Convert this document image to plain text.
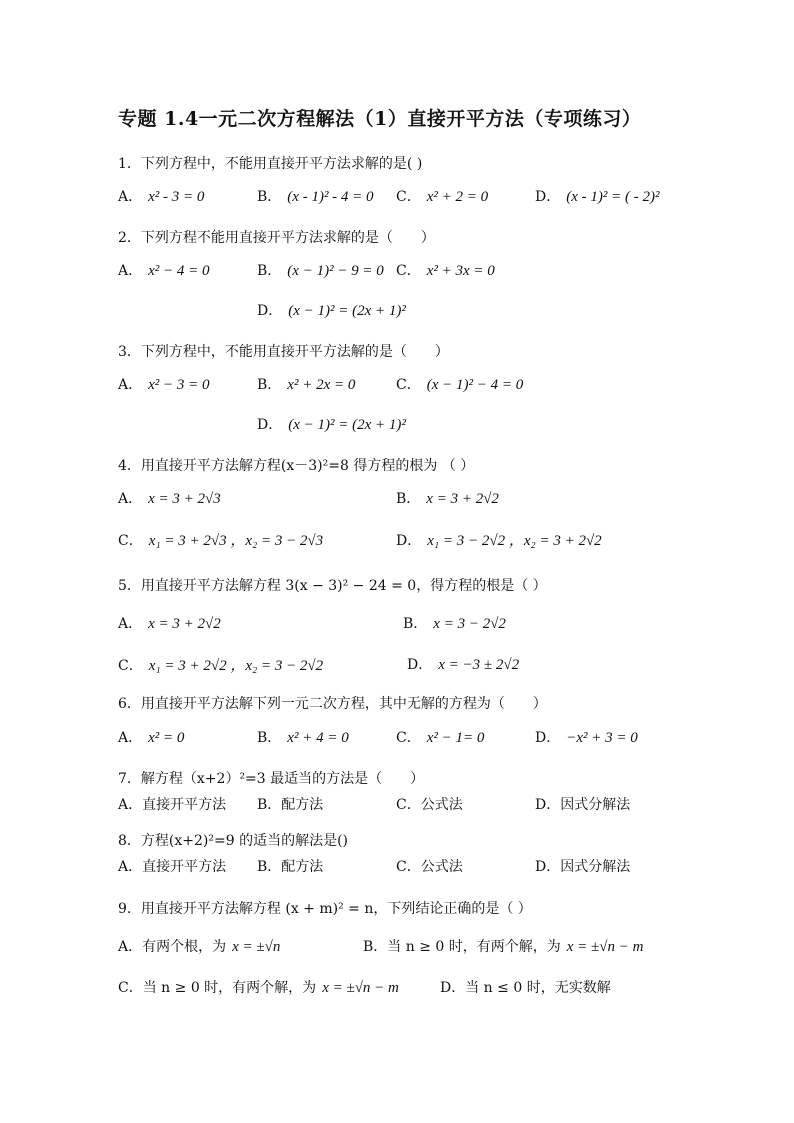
专题 1.4一元二次方程解法（1）直接开平方法（专项练习）
1．下列方程中，不能用直接开平方法求解的是( )
A． x² - 3 = 0	B． (x - 1)² - 4 = 0 C． x² + 2 = 0	D． (x - 1)² = ( - 2)²
2．下列方程不能用直接开平方法求解的是（　　）
A． x² − 4 = 0	B． (x − 1)² − 9 = 0 C． x² + 3x = 0
D． (x − 1)² = (2x + 1)²
3．下列方程中，不能用直接开平方法解的是（　　）
A． x² − 3 = 0	B． x² + 2x = 0	C． (x − 1)² − 4 = 0
D． (x − 1)² = (2x + 1)²
4．用直接开平方法解方程(x－3)²=8 得方程的根为 （ ）
A． x = 3 + 2√3	B． x = 3 + 2√2
C． x₁ = 3 + 2√3 ，x₂ = 3 − 2√3	D． x₁ = 3 − 2√2 ，x₂ = 3 + 2√2
5．用直接开平方法解方程 3(x − 3)² − 24 = 0，得方程的根是（ ）
A． x = 3 + 2√2	B． x = 3 − 2√2
C． x₁ = 3 + 2√2 ，x₂ = 3 − 2√2	D． x = −3 ± 2√2
6．用直接开平方法解下列一元二次方程，其中无解的方程为（　　）
A． x² = 0	B． x² + 4 = 0	C． x² − 1= 0	D． −x² + 3 = 0
7．解方程（x+2）²=3 最适当的方法是（　　）
A．直接开平方法 B．配方法	C．公式法	D．因式分解法
8．方程(x+2)²=9 的适当的解法是()
A．直接开平方法 B．配方法	C．公式法	D．因式分解法
9．用直接开平方法解方程 (x + m)² = n，下列结论正确的是（ ）
A．有两个根，为 x = ±√n	B．当 n ≥ 0 时，有两个解，为 x = ±√n − m
C．当 n ≥ 0 时，有两个解，为 x = ±√n − m	D．当 n ≤ 0 时，无实数解
